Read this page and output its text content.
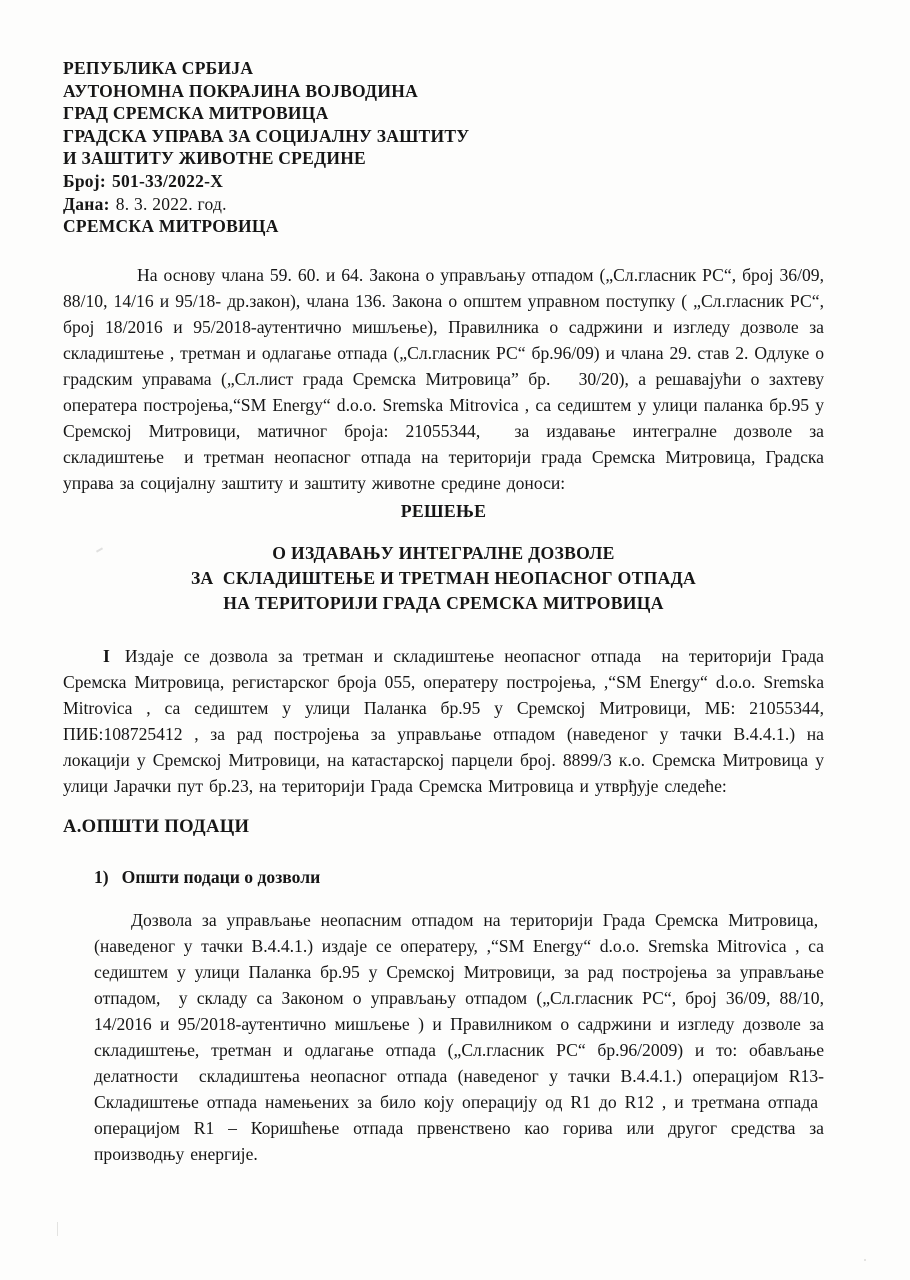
РЕПУБЛИКА СРБИЈА
АУТОНОМНА ПОКРАЈИНА ВОЈВОДИНА
ГРАД СРЕМСКА МИТРОВИЦА
ГРАДСКА УПРАВА ЗА СОЦИЈАЛНУ ЗАШТИТУ
И ЗАШТИТУ ЖИВОТНЕ СРЕДИНЕ
Број: 501-33/2022-X
Дана: 8. 3. 2022. год.
СРЕМСКА МИТРОВИЦА

На основу члана 59. 60. и 64. Закона о управљању отпадом („Сл.гласник РС“, број 36/09, 88/10, 14/16 и 95/18- др.закон), члана 136. Закона о општем управном поступку ( „Сл.гласник РС“, број 18/2016 и 95/2018-аутентично мишљење), Правилника о садржини и изгледу дозволе за складиштење , третман и одлагање отпада („Сл.гласник РС“ бр.96/09) и члана 29. став 2. Одлуке о градским управама („Сл.лист града Сремска Митровица” бр.   30/20), а решавајући о захтеву оператера постројења,“SM Energy“ d.o.o. Sremska Mitrovica , са седиштем у улици паланка бр.95 у Сремској Митровици, матичног броја: 21055344,  за издавање интегралне дозволе за складиштење  и третман неопасног отпада на територији града Сремска Митровица, Градска управа за социјалну заштиту и заштиту животне средине доноси:

РЕШЕЊЕ
О ИЗДАВАЊУ ИНТЕГРАЛНЕ ДОЗВОЛЕ
ЗА  СКЛАДИШТЕЊЕ И ТРЕТМАН НЕОПАСНОГ ОТПАДА
НА ТЕРИТОРИЈИ ГРАДА СРЕМСКА МИТРОВИЦА

I Издаје се дозвола за третман и складиштење неопасног отпада  на територији Града Сремска Митровица, регистарског броја 055, оператеру постројења, ,“SM Energy“ d.o.o. Sremska Mitrovica , са седиштем у улици Паланка бр.95 у Сремској Митровици, МБ: 21055344, ПИБ:108725412 , за рад постројења за управљање отпадом (наведеног у тачки В.4.4.1.) на локацији у Сремској Митровици, на катастарској парцели број. 8899/3 к.о. Сремска Митровица у улици Јарачки пут бр.23, на територији Града Сремска Митровица и утврђује следеће:

А.ОПШТИ ПОДАЦИ
1) Општи подаци о дозволи

Дозвола за управљање неопасним отпадом на територији Града Сремска Митровица,  (наведеног у тачки В.4.4.1.) издаје се оператеру, ,“SM Energy“ d.o.o. Sremska Mitrovica , са седиштем у улици Паланка бр.95 у Сремској Митровици, за рад постројења за управљање отпадом,  у складу са Законом о управљању отпадом („Сл.гласник РС“, број 36/09, 88/10, 14/2016 и 95/2018-аутентично мишљење ) и Правилником о садржини и изгледу дозволе за складиштење, третман и одлагање отпада („Сл.гласник РС“ бр.96/2009) и то: обављање делатности  складиштења неопасног отпада (наведеног у тачки В.4.4.1.) операцијом R13- Складиштење отпада намењених за било коју операцију од R1 до R12 , и третмана отпада  операцијом R1 – Коришћење отпада првенствено као горива или другог средства за производњу енергије.
